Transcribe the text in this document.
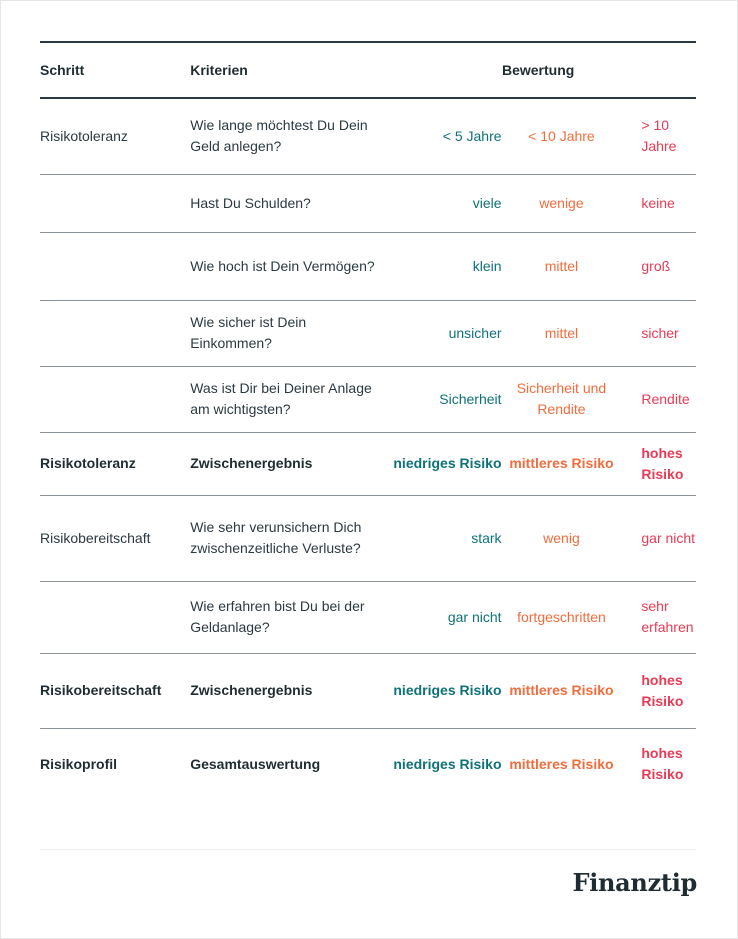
Schritt	Kriterien	Bewertung		
Risikotoleranz	Wie lange möchtest Du Dein Geld anlegen?	< 5 Jahre	< 10 Jahre	> 10 Jahre
	Hast Du Schulden?	viele	wenige	keine
	Wie hoch ist Dein Vermögen?	klein	mittel	groß
	Wie sicher ist Dein Einkommen?	unsicher	mittel	sicher
	Was ist Dir bei Deiner Anlage am wichtigsten?	Sicherheit	Sicherheit und Rendite	Rendite
Risikotoleranz	Zwischenergebnis	niedriges Risiko	mittleres Risiko	hohes Risiko
Risikobereitschaft	Wie sehr verunsichern Dich zwischenzeitliche Verluste?	stark	wenig	gar nicht
	Wie erfahren bist Du bei der Geldanlage?	gar nicht	fortgeschritten	sehr erfahren
Risikobereitschaft	Zwischenergebnis	niedriges Risiko	mittleres Risiko	hohes Risiko
Risikoprofil	Gesamtauswertung	niedriges Risiko	mittleres Risiko	hohes Risiko
Finanztip
